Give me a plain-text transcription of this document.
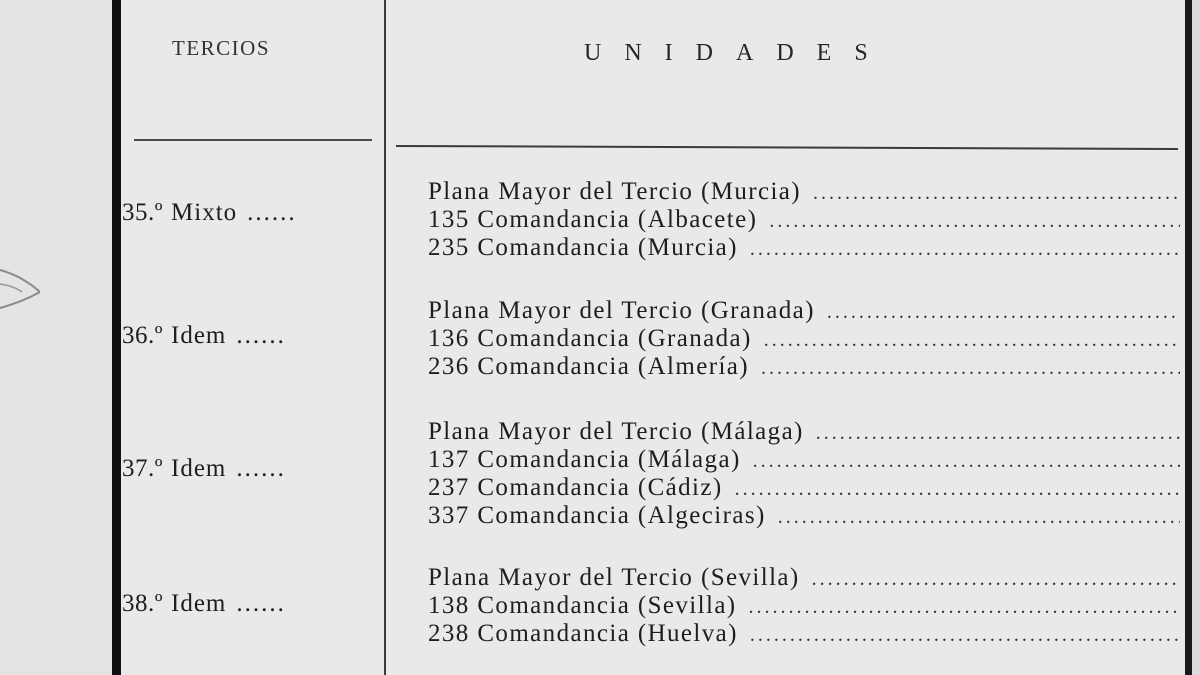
TERCIOS	UNIDADES
35.º Mixto ......
Plana Mayor del Tercio (Murcia)
.....
135 Comandancia (Albacete)
.....
235 Comandancia (Murcia)
.....
36.º Idem ......
Plana Mayor del Tercio (Granada)
.....
136 Comandancia (Granada)
.....
236 Comandancia (Almería)
.....
37.º Idem ......
Plana Mayor del Tercio (Málaga)
.....
137 Comandancia (Málaga)
.....
237 Comandancia (Cádiz)
.....
337 Comandancia (Algeciras)
.....
38.º Idem ......
Plana Mayor del Tercio (Sevilla)
.....
138 Comandancia (Sevilla)
.....
238 Comandancia (Huelva)
.....
